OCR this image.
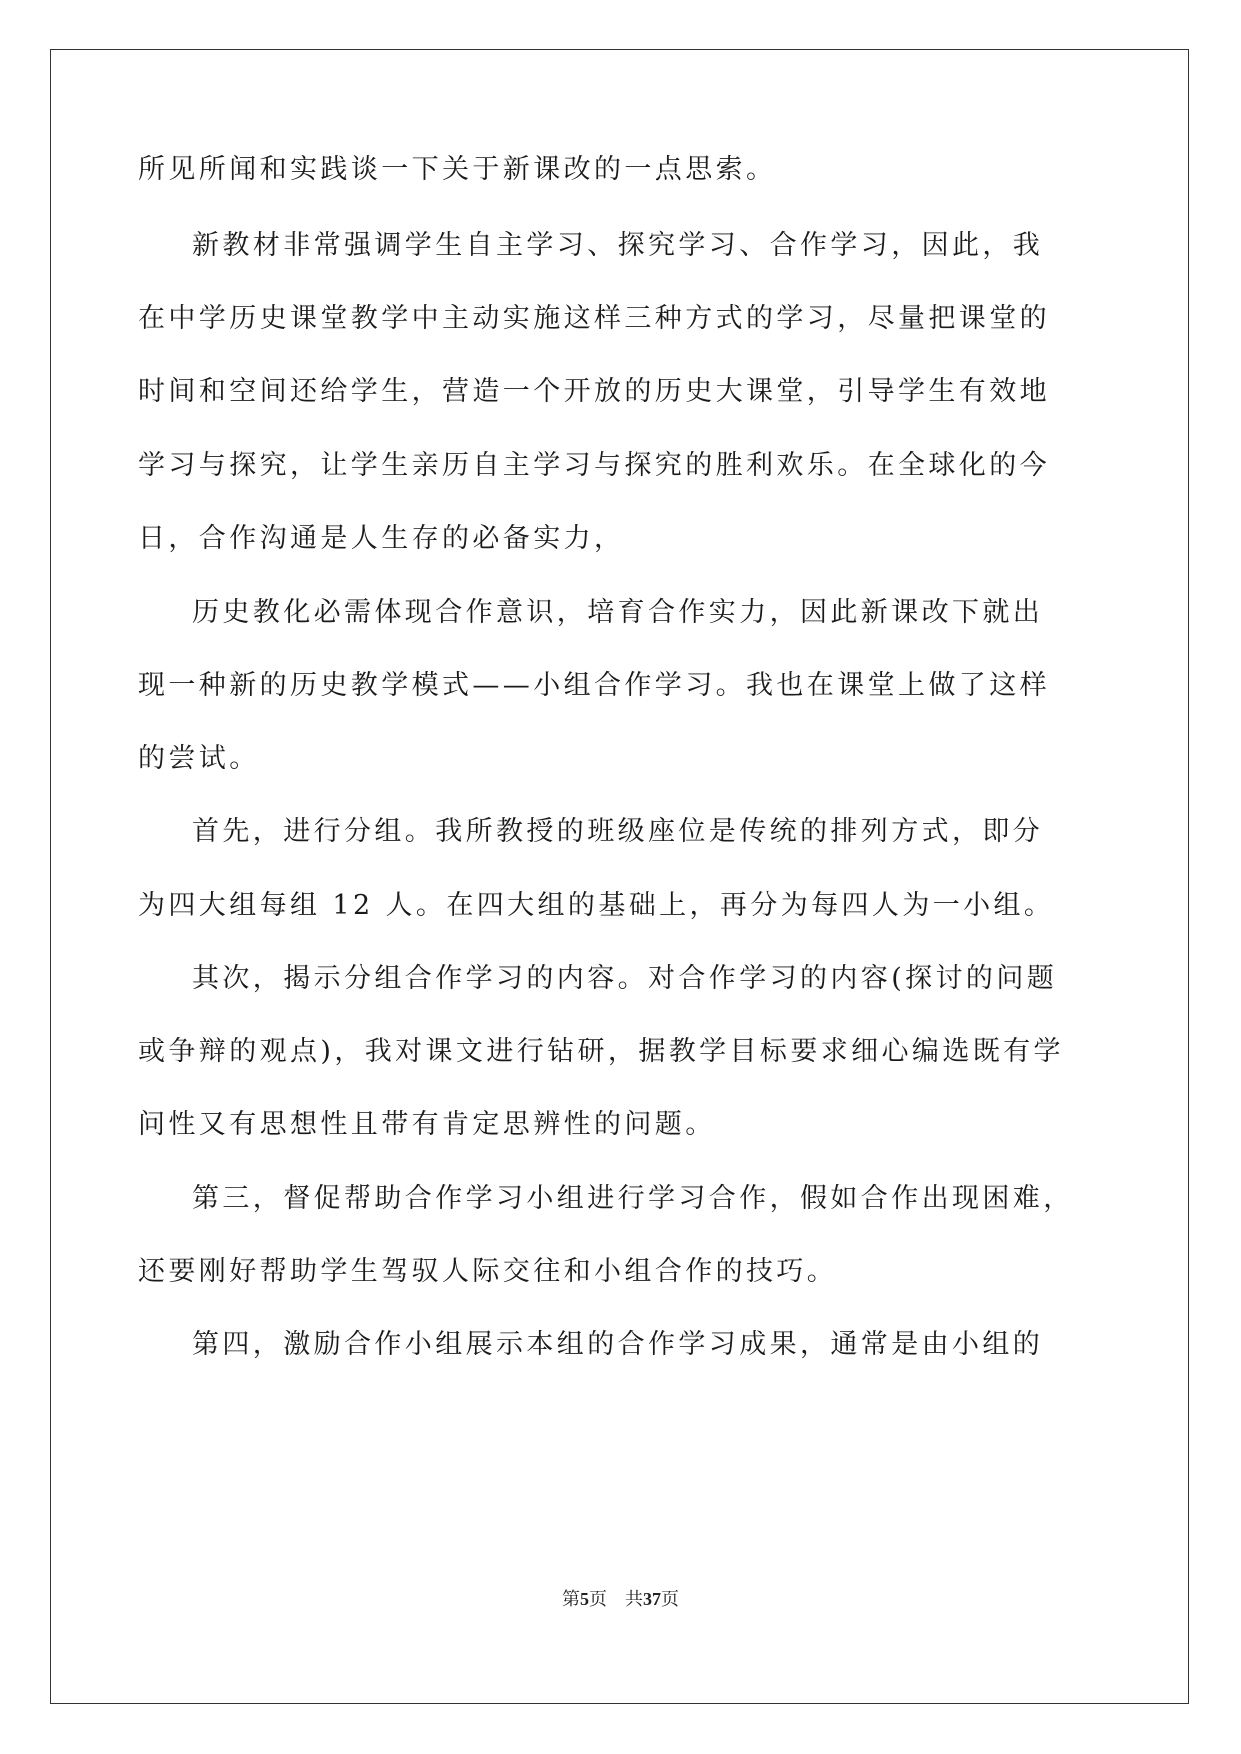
所见所闻和实践谈一下关于新课改的一点思索。
新教材非常强调学生自主学习、探究学习、合作学习，因此，我
在中学历史课堂教学中主动实施这样三种方式的学习，尽量把课堂的
时间和空间还给学生，营造一个开放的历史大课堂，引导学生有效地
学习与探究，让学生亲历自主学习与探究的胜利欢乐。在全球化的今
日，合作沟通是人生存的必备实力，
历史教化必需体现合作意识，培育合作实力，因此新课改下就出
现一种新的历史教学模式——小组合作学习。我也在课堂上做了这样
的尝试。
首先，进行分组。我所教授的班级座位是传统的排列方式，即分
为四大组每组 12 人。在四大组的基础上，再分为每四人为一小组。
其次，揭示分组合作学习的内容。对合作学习的内容(探讨的问题
或争辩的观点)，我对课文进行钻研，据教学目标要求细心编选既有学
问性又有思想性且带有肯定思辨性的问题。
第三，督促帮助合作学习小组进行学习合作，假如合作出现困难，
还要刚好帮助学生驾驭人际交往和小组合作的技巧。
第四，激励合作小组展示本组的合作学习成果，通常是由小组的
第5页　共37页
